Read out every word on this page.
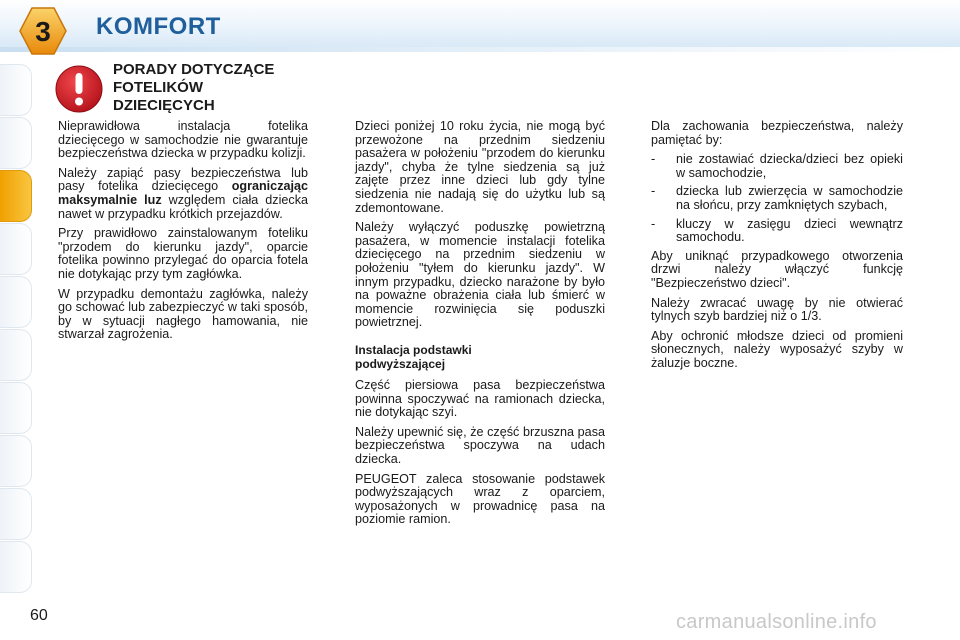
3 KOMFORT
PORADY DOTYCZĄCE
FOTELIKÓW
DZIECIĘCYCH

Nieprawidłowa instalacja fotelika dziecięcego w samochodzie nie gwarantuje bezpieczeństwa dziecka w przypadku kolizji.

Należy zapiąć pasy bezpieczeństwa lub pasy fotelika dziecięcego ograniczając maksymalnie luz względem ciała dziecka nawet w przypadku krótkich przejazdów.

Przy prawidłowo zainstalowanym foteliku "przodem do kierunku jazdy", oparcie fotelika powinno przylegać do oparcia fotela nie dotykając przy tym zagłówka.

W przypadku demontażu zagłówka, należy go schować lub zabezpieczyć w taki sposób, by w sytuacji nagłego hamowania, nie stwarzał zagrożenia.

Dzieci poniżej 10 roku życia, nie mogą być przewożone na przednim siedzeniu pasażera w położeniu "przodem do kierunku jazdy", chyba że tylne siedzenia są już zajęte przez inne dzieci lub gdy tylne siedzenia nie nadają się do użytku lub są zdemontowane.

Należy wyłączyć poduszkę powietrzną pasażera, w momencie instalacji fotelika dziecięcego na przednim siedzeniu w położeniu "tyłem do kierunku jazdy". W innym przypadku, dziecko narażone by było na poważne obrażenia ciała lub śmierć w momencie rozwinięcia się poduszki powietrznej.

Instalacja podstawki
podwyższającej

Część piersiowa pasa bezpieczeństwa powinna spoczywać na ramionach dziecka, nie dotykając szyi.

Należy upewnić się, że część brzuszna pasa bezpieczeństwa spoczywa na udach dziecka.

PEUGEOT zaleca stosowanie podstawek podwyższających wraz z oparciem, wyposażonych w prowadnicę pasa na poziomie ramion.

Dla zachowania bezpieczeństwa, należy pamiętać by:

- nie zostawiać dziecka/dzieci bez opieki w samochodzie,
- dziecka lub zwierzęcia w samochodzie na słońcu, przy zamkniętych szybach,
- kluczy w zasięgu dzieci wewnątrz samochodu.

Aby uniknąć przypadkowego otworzenia drzwi należy włączyć funkcję "Bezpieczeństwo dzieci".

Należy zwracać uwagę by nie otwierać tylnych szyb bardziej niż o 1/3.

Aby ochronić młodsze dzieci od promieni słonecznych, należy wyposażyć szyby w żaluzje boczne.

60	carmanualsonline.info
